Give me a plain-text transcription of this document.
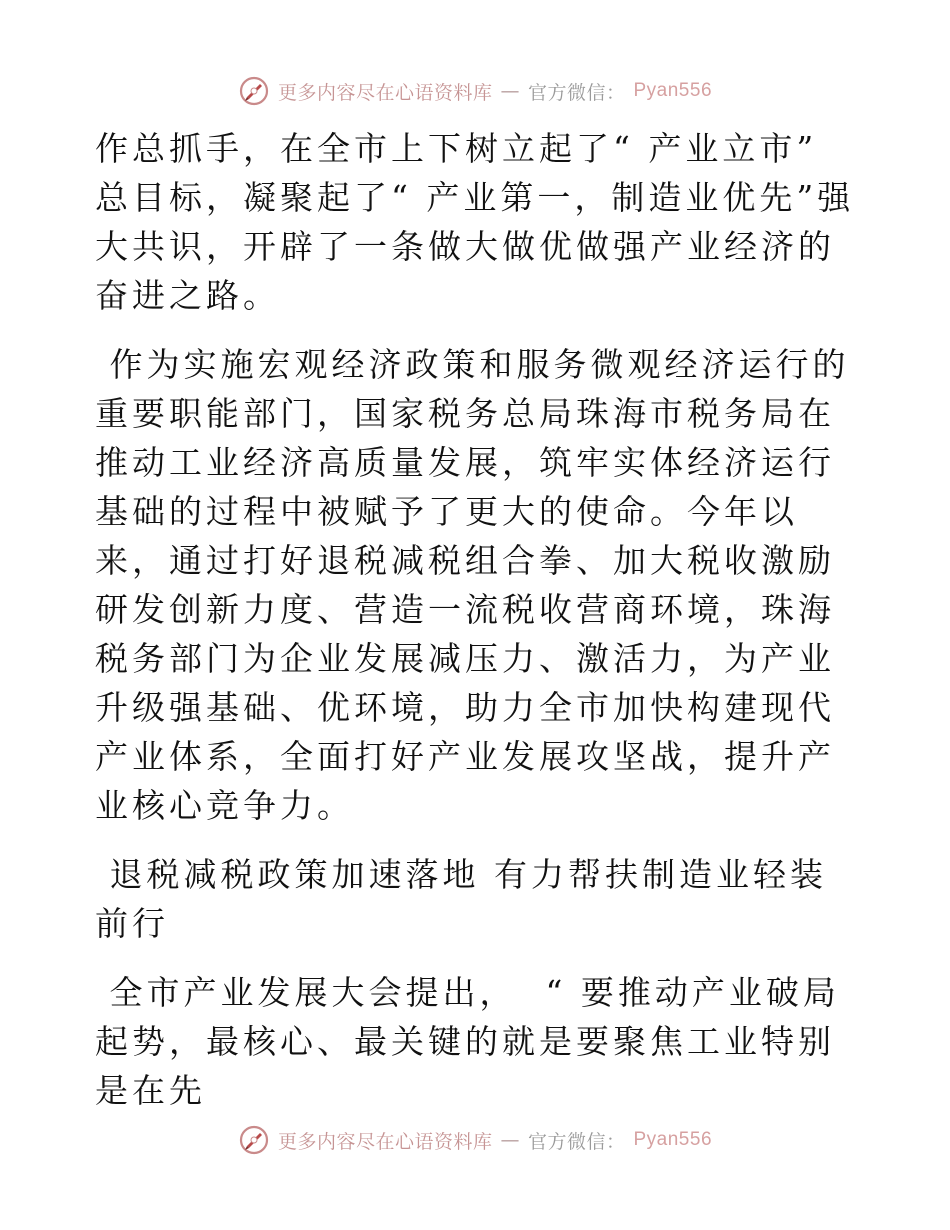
更多内容尽在心语资料库 — 官方微信： Pyan556

作总抓手，在全市上下树立起了“ 产业立市” 总目标，凝聚起了“ 产业第一，制造业优先”强大共识，开辟了一条做大做优做强产业经济的奋进之路。

作为实施宏观经济政策和服务微观经济运行的重要职能部门，国家税务总局珠海市税务局在推动工业经济高质量发展，筑牢实体经济运行基础的过程中被赋予了更大的使命。今年以来，通过打好退税减税组合拳、加大税收激励研发创新力度、营造一流税收营商环境，珠海税务部门为企业发展减压力、激活力，为产业升级强基础、优环境，助力全市加快构建现代产业体系，全面打好产业发展攻坚战，提升产业核心竞争力。

退税减税政策加速落地 有力帮扶制造业轻装前行

全市产业发展大会提出，  “ 要推动产业破局起势，最核心、最关键的就是要聚焦工业特别是在先

更多内容尽在心语资料库 — 官方微信： Pyan556
